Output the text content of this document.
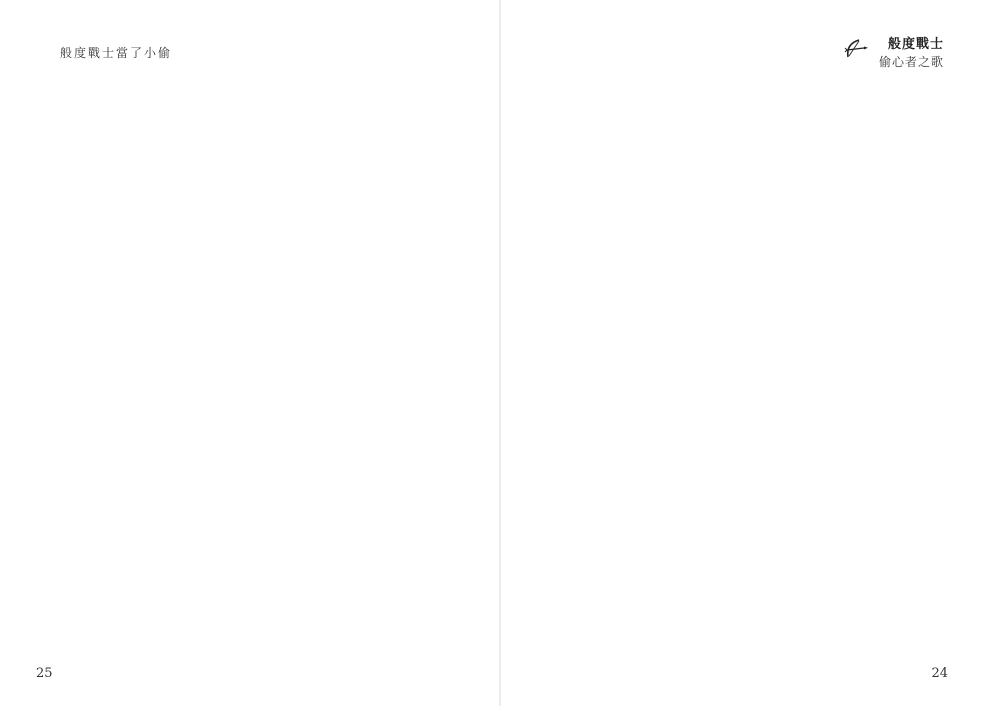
般度戰士當了小偷
25
般度戰士
偷心者之歌
24
